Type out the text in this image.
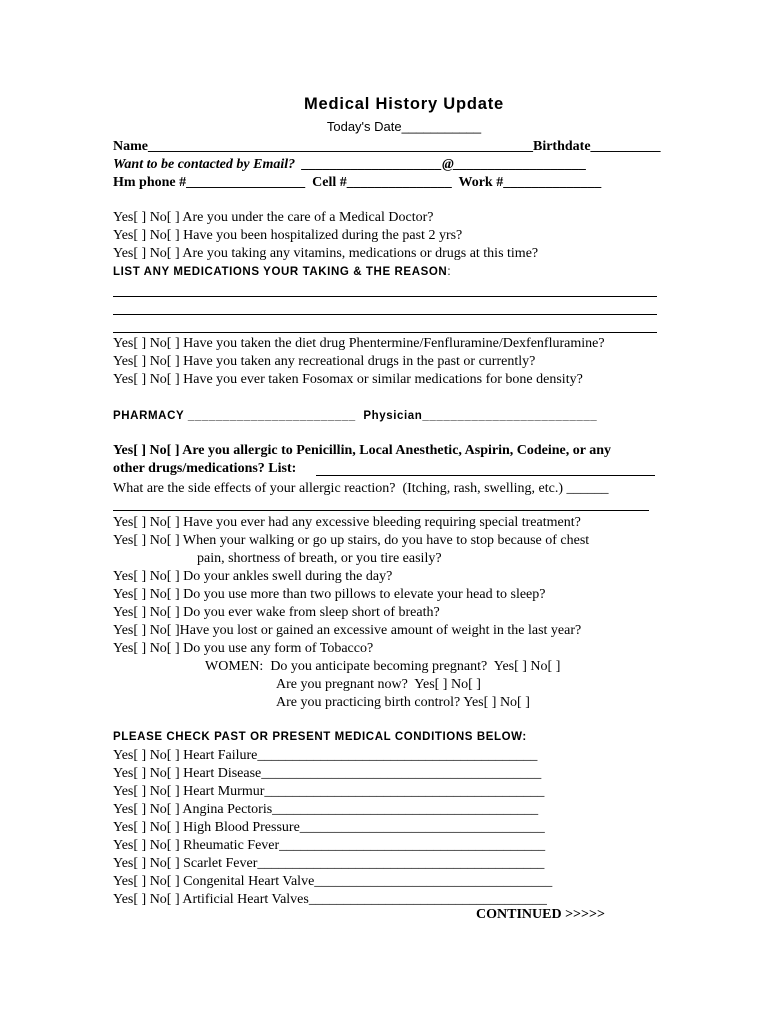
Medical History Update
Today's Date___________
Name_______________________________________________________Birthdate__________
Want to be contacted by Email?  ____________________@___________________
Hm phone #_________________  Cell #_______________  Work #______________
Yes[ ] No[ ] Are you under the care of a Medical Doctor?
Yes[ ] No[ ] Have you been hospitalized during the past 2 yrs?
Yes[ ] No[ ] Are you taking any vitamins, medications or drugs at this time?
LIST ANY MEDICATIONS YOUR TAKING & THE REASON:
Yes[ ] No[ ] Have you taken the diet drug Phentermine/Fenfluramine/Dexfenfluramine?
Yes[ ] No[ ] Have you taken any recreational drugs in the past or currently?
Yes[ ] No[ ] Have you ever taken Fosomax or similar medications for bone density?
PHARMACY ________________________  Physician_________________________
Yes[ ] No[ ] Are you allergic to Penicillin, Local Anesthetic, Aspirin, Codeine, or any
other drugs/medications? List:
What are the side effects of your allergic reaction?  (Itching, rash, swelling, etc.) ______
Yes[ ] No[ ] Have you ever had any excessive bleeding requiring special treatment?
Yes[ ] No[ ] When your walking or go up stairs, do you have to stop because of chest
pain, shortness of breath, or you tire easily?
Yes[ ] No[ ] Do your ankles swell during the day?
Yes[ ] No[ ] Do you use more than two pillows to elevate your head to sleep?
Yes[ ] No[ ] Do you ever wake from sleep short of breath?
Yes[ ] No[ ]Have you lost or gained an excessive amount of weight in the last year?
Yes[ ] No[ ] Do you use any form of Tobacco?
WOMEN:  Do you anticipate becoming pregnant?  Yes[ ] No[ ]
Are you pregnant now?  Yes[ ] No[ ]
Are you practicing birth control? Yes[ ] No[ ]
PLEASE CHECK PAST OR PRESENT MEDICAL CONDITIONS BELOW:
Yes[ ] No[ ] Heart Failure________________________________________
Yes[ ] No[ ] Heart Disease________________________________________
Yes[ ] No[ ] Heart Murmur________________________________________
Yes[ ] No[ ] Angina Pectoris______________________________________
Yes[ ] No[ ] High Blood Pressure___________________________________
Yes[ ] No[ ] Rheumatic Fever______________________________________
Yes[ ] No[ ] Scarlet Fever_________________________________________
Yes[ ] No[ ] Congenital Heart Valve__________________________________
Yes[ ] No[ ] Artificial Heart Valves__________________________________
CONTINUED >>>>>
